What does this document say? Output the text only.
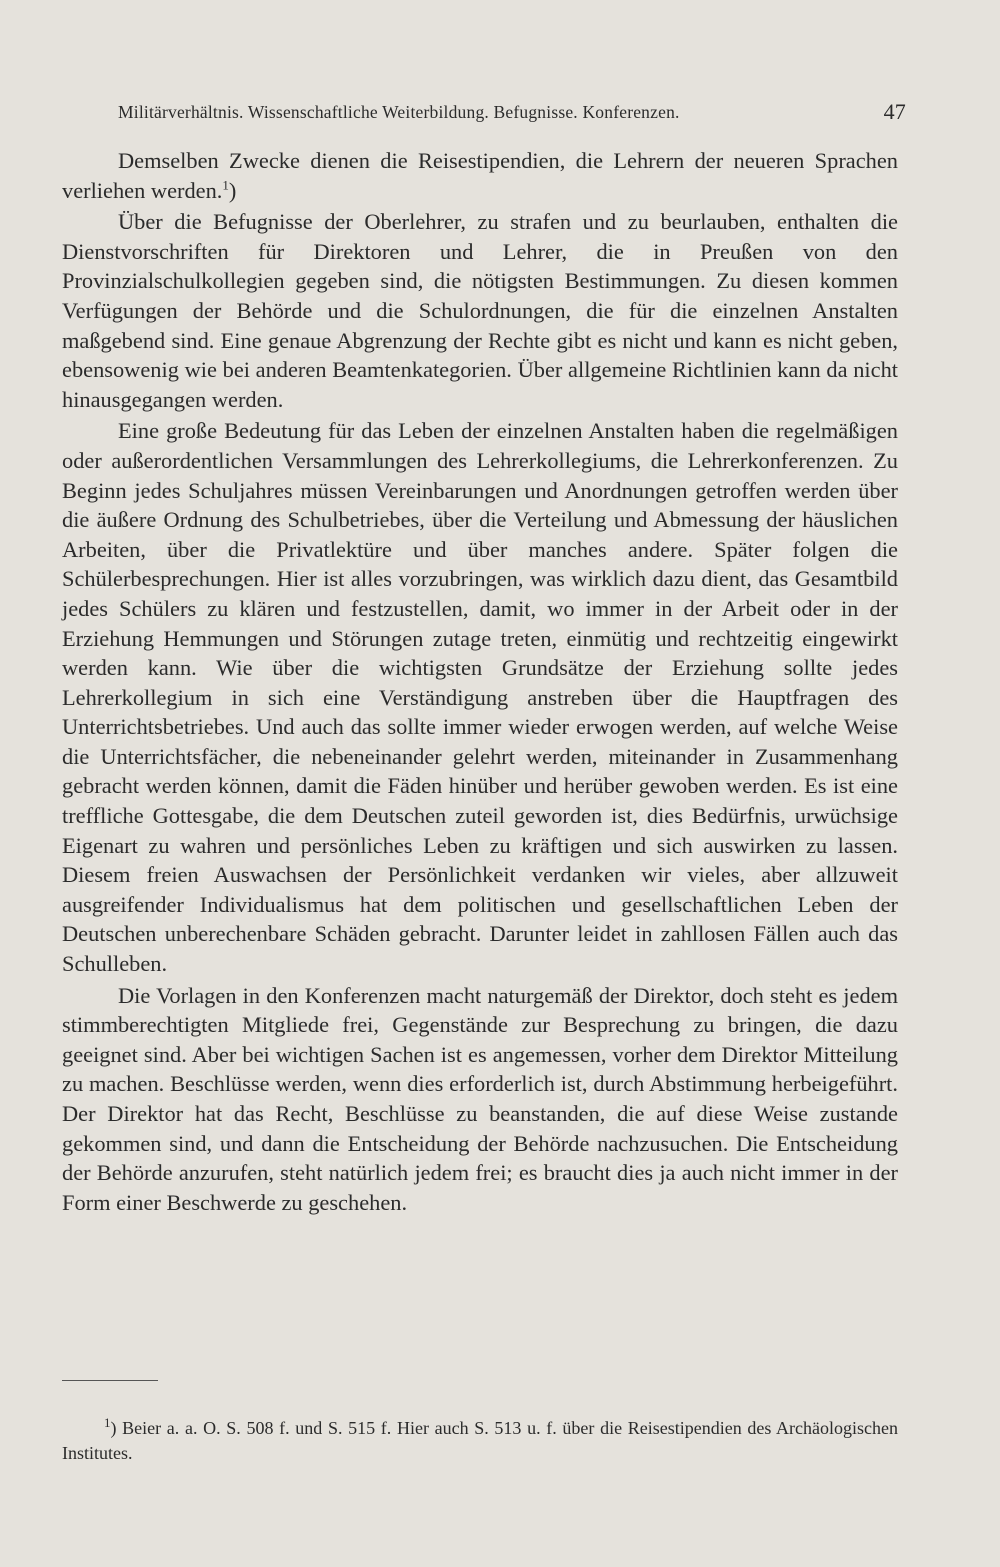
Militärverhältnis. Wissenschaftliche Weiterbildung. Befugnisse. Konferenzen.	47

Demselben Zwecke dienen die Reisestipendien, die Lehrern der neueren Sprachen verliehen werden.$^1$)

Über die Befugnisse der Oberlehrer, zu strafen und zu beurlauben, enthalten die Dienstvorschriften für Direktoren und Lehrer, die in Preußen von den Provinzialschulkollegien gegeben sind, die nötigsten Bestimmungen. Zu diesen kommen Verfügungen der Behörde und die Schulordnungen, die für die einzelnen Anstalten maßgebend sind. Eine genaue Abgrenzung der Rechte gibt es nicht und kann es nicht geben, ebensowenig wie bei anderen Beamtenkategorien. Über allgemeine Richtlinien kann da nicht hinausgegangen werden.

Eine große Bedeutung für das Leben der einzelnen Anstalten haben die regelmäßigen oder außerordentlichen Versammlungen des Lehrerkollegiums, die Lehrerkonferenzen. Zu Beginn jedes Schuljahres müssen Vereinbarungen und Anordnungen getroffen werden über die äußere Ordnung des Schulbetriebes, über die Verteilung und Abmessung der häuslichen Arbeiten, über die Privatlektüre und über manches andere. Später folgen die Schülerbesprechungen. Hier ist alles vorzubringen, was wirklich dazu dient, das Gesamtbild jedes Schülers zu klären und festzustellen, damit, wo immer in der Arbeit oder in der Erziehung Hemmungen und Störungen zutage treten, einmütig und rechtzeitig eingewirkt werden kann. Wie über die wichtigsten Grundsätze der Erziehung sollte jedes Lehrerkollegium in sich eine Verständigung anstreben über die Hauptfragen des Unterrichtsbetriebes. Und auch das sollte immer wieder erwogen werden, auf welche Weise die Unterrichtsfächer, die nebeneinander gelehrt werden, miteinander in Zusammenhang gebracht werden können, damit die Fäden hinüber und herüber gewoben werden. Es ist eine treffliche Gottesgabe, die dem Deutschen zuteil geworden ist, dies Bedürfnis, urwüchsige Eigenart zu wahren und persönliches Leben zu kräftigen und sich auswirken zu lassen. Diesem freien Auswachsen der Persönlichkeit verdanken wir vieles, aber allzuweit ausgreifender Individualismus hat dem politischen und gesellschaftlichen Leben der Deutschen unberechenbare Schäden gebracht. Darunter leidet in zahllosen Fällen auch das Schulleben.

Die Vorlagen in den Konferenzen macht naturgemäß der Direktor, doch steht es jedem stimmberechtigten Mitgliede frei, Gegenstände zur Besprechung zu bringen, die dazu geeignet sind. Aber bei wichtigen Sachen ist es angemessen, vorher dem Direktor Mitteilung zu machen. Beschlüsse werden, wenn dies erforderlich ist, durch Abstimmung herbeigeführt. Der Direktor hat das Recht, Beschlüsse zu beanstanden, die auf diese Weise zustande gekommen sind, und dann die Entscheidung der Behörde nachzusuchen. Die Entscheidung der Behörde anzurufen, steht natürlich jedem frei; es braucht dies ja auch nicht immer in der Form einer Beschwerde zu geschehen.

$^1$) Beier a. a. O. S. 508 f. und S. 515 f. Hier auch S. 513 u. f. über die Reisestipendien des Archäologischen Institutes.
